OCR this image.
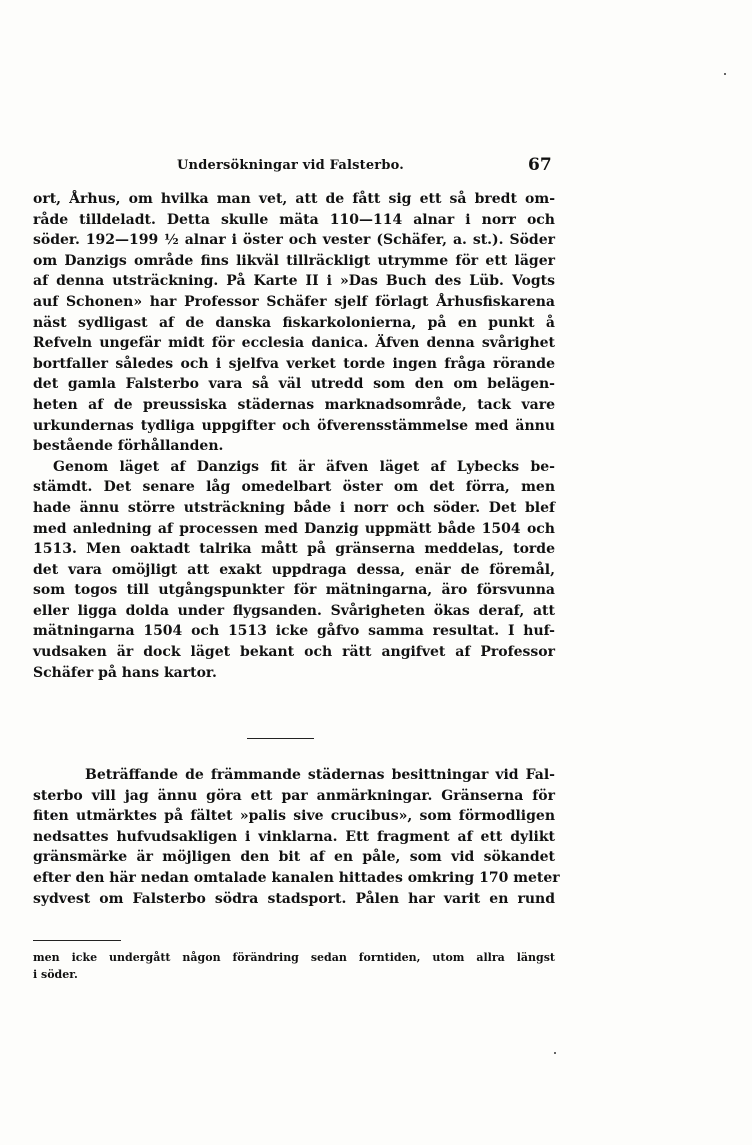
Undersökningar vid Falsterbo.	67
ort, Århus, om hvilka man vet, att de fått sig ett så bredt om-
råde tilldeladt. Detta skulle mäta 110—114 alnar i norr och
söder. 192—199 ½ alnar i öster och vester (Schäfer, a. st.). Söder
om Danzigs område fins likväl tillräckligt utrymme för ett läger
af denna utsträckning. På Karte II i »Das Buch des Lüb. Vogts
auf Schonen» har Professor Schäfer sjelf förlagt Århusfiskarena
näst sydligast af de danska fiskarkolonierna, på en punkt å
Refveln ungefär midt för ecclesia danica. Äfven denna svårighet
bortfaller således och i sjelfva verket torde ingen fråga rörande
det gamla Falsterbo vara så väl utredd som den om belägen-
heten af de preussiska städernas marknadsområde, tack vare
urkundernas tydliga uppgifter och öfverensstämmelse med ännu
bestående förhållanden.
Genom läget af Danzigs fit är äfven läget af Lybecks be-
stämdt. Det senare låg omedelbart öster om det förra, men
hade ännu större utsträckning både i norr och söder. Det blef
med anledning af processen med Danzig uppmätt både 1504 och
1513. Men oaktadt talrika mått på gränserna meddelas, torde
det vara omöjligt att exakt uppdraga dessa, enär de föremål,
som togos till utgångspunkter för mätningarna, äro försvunna
eller ligga dolda under flygsanden. Svårigheten ökas deraf, att
mätningarna 1504 och 1513 icke gåfvo samma resultat. I huf-
vudsaken är dock läget bekant och rätt angifvet af Professor
Schäfer på hans kartor.
Beträffande de främmande städernas besittningar vid Fal-
sterbo vill jag ännu göra ett par anmärkningar. Gränserna för
fiten utmärktes på fältet »palis sive crucibus», som förmodligen
nedsattes hufvudsakligen i vinklarna. Ett fragment af ett dylikt
gränsmärke är möjligen den bit af en påle, som vid sökandet
efter den här nedan omtalade kanalen hittades omkring 170 meter
sydvest om Falsterbo södra stadsport. Pålen har varit en rund
men icke undergått någon förändring sedan forntiden, utom allra längst
i söder.
